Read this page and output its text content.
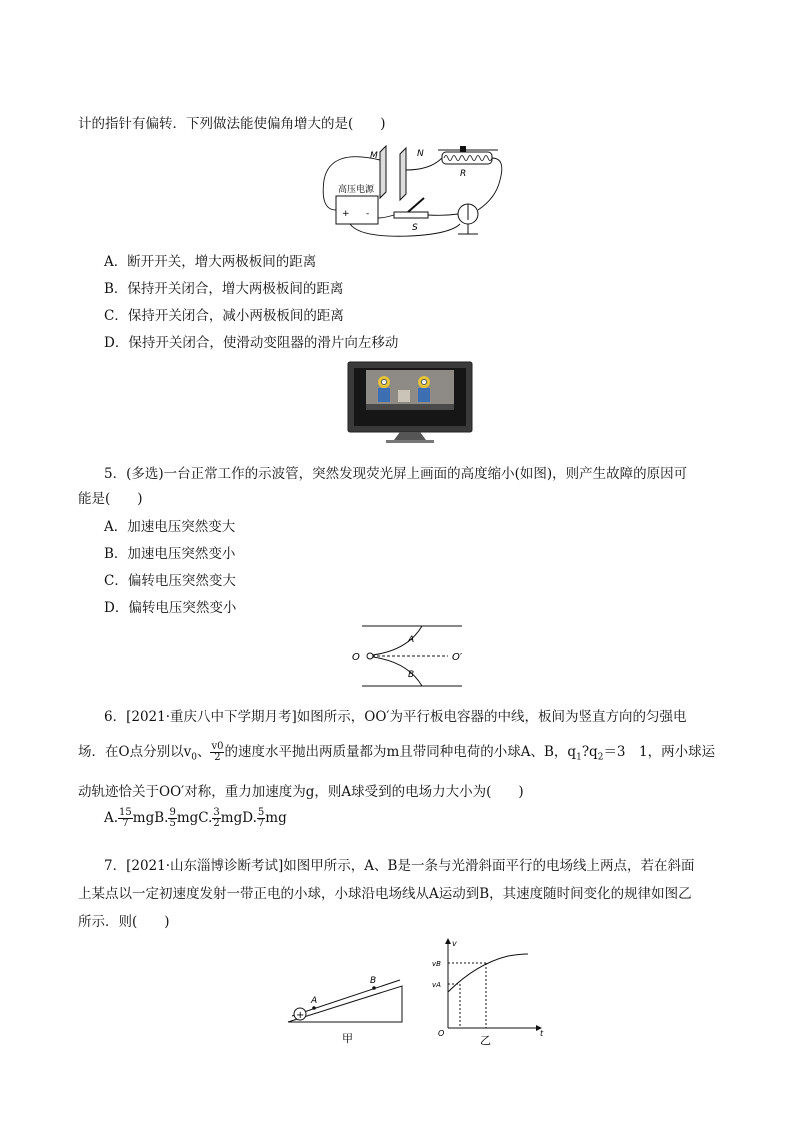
计的指针有偏转．下列做法能使偏角增大的是(　　)
M	N
R
高压电源
+ -
S
A．断开开关，增大两极板间的距离
B．保持开关闭合，增大两极板间的距离
C．保持开关闭合，减小两极板间的距离
D．保持开关闭合，使滑动变阻器的滑片向左移动
5．(多选)一台正常工作的示波管，突然发现荧光屏上画面的高度缩小(如图)，则产生故障的原因可
能是(　　)
A．加速电压突然变大
B．加速电压突然变小
C．偏转电压突然变大
D．偏转电压突然变小
O	O′
A
B
6．[2021·重庆八中下学期月考]如图所示，OO′为平行板电容器的中线，板间为竖直方向的匀强电
场．在O点分别以$v_0$、 $\frac{v0}{2}$ 的速度水平抛出两质量都为m且带同种电荷的小球A、B，$q_1?q_2=3$　1，两小球运
动轨迹恰关于OO′对称，重力加速度为g，则A球受到的电场力大小为(　　)
A. $\frac{15}{7}$ mgB. $\frac{9}{5}$ mgC. $\frac{3}{2}$ mgD. $\frac{5}{7}$ mg
7．[2021·山东淄博诊断考试]如图甲所示，A、B是一条与光滑斜面平行的电场线上两点，若在斜面
上某点以一定初速度发射一带正电的小球，小球沿电场线从A运动到B，其速度随时间变化的规律如图乙
所示．则(　　)
+
A
B
甲
v
vB
vA
O	t
乙
